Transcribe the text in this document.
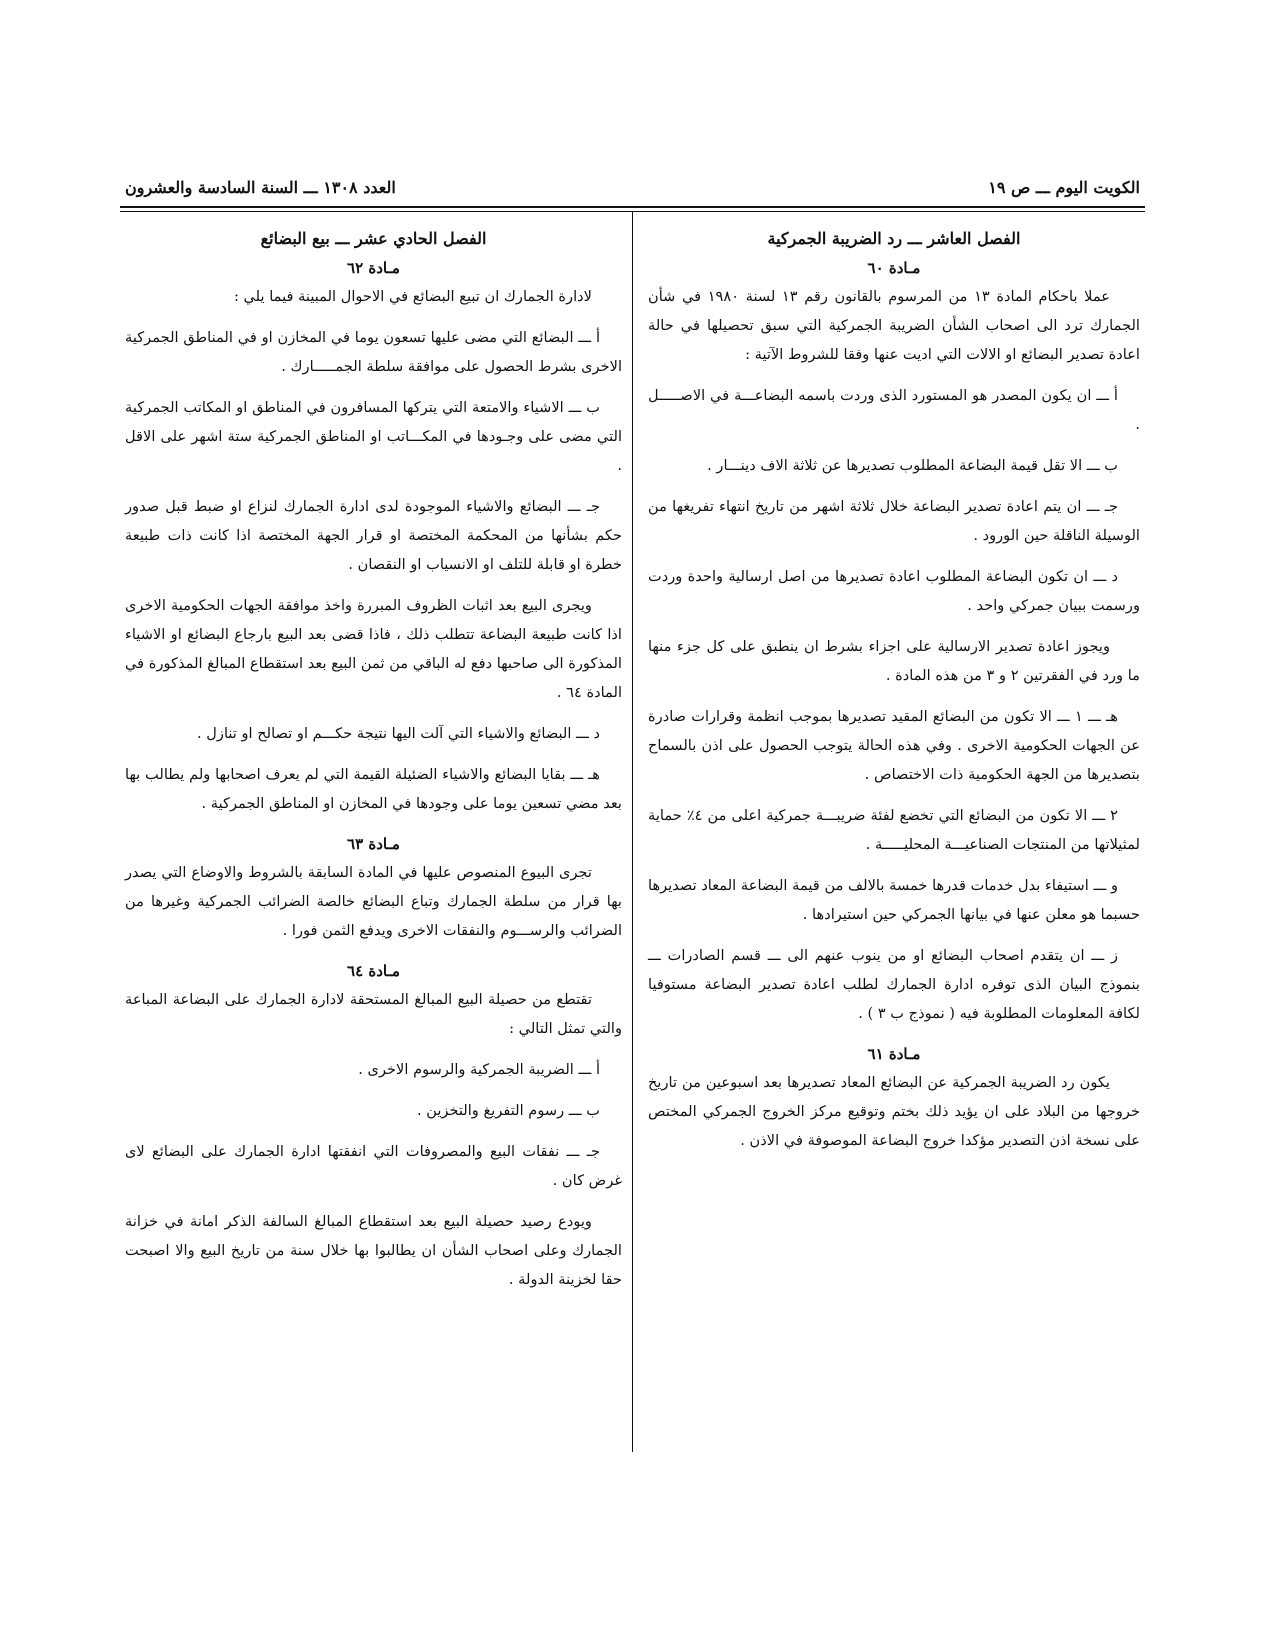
الكويت اليوم ـــ ص ١٩
العدد ١٣٠٨ ـــ السنة السادسة والعشرون
الفصل العاشر ـــ رد الضريبة الجمركية
مـادة ٦٠

عملا باحكام المادة ١٣ من المرسوم بالقانون رقم ١٣ لسنة ١٩٨٠ في شأن الجمارك ترد الى اصحاب الشأن الضريبة الجمركية التي سبق تحصيلها في حالة اعادة تصدير البضائع او الالات التي اديت عنها وفقا للشروط الآتية :

أ ـــ ان يكون المصدر هو المستورد الذى وردت باسمه البضاعـــة في الاصـــــل .

ب ـــ الا تقل قيمة البضاعة المطلوب تصديرها عن ثلاثة الاف دينـــار .

جـ ـــ ان يتم اعادة تصدير البضاعة خلال ثلاثة اشهر من تاريخ انتهاء تفريغها من الوسيلة الناقلة حين الورود .

د ـــ ان تكون البضاعة المطلوب اعادة تصديرها من اصل ارسالية واحدة وردت ورسمت ببيان جمركي واحد .

ويجوز اعادة تصدير الارسالية على اجزاء بشرط ان ينطبق على كل جزء منها ما ورد في الفقرتين ٢ و ٣ من هذه المادة .

هـ ـــ ١ ـــ الا تكون من البضائع المقيد تصديرها بموجب انظمة وقرارات صادرة عن الجهات الحكومية الاخرى . وفي هذه الحالة يتوجب الحصول على اذن بالسماح بتصديرها من الجهة الحكومية ذات الاختصاص .

٢ ـــ الا تكون من البضائع التي تخضع لفئة ضريبـــة جمركية اعلى من ٤٪ حماية لمثيلاتها من المنتجات الصناعيـــة المحليـــــة .

و ـــ استيفاء بدل خدمات قدرها خمسة بالالف من قيمة البضاعة المعاد تصديرها حسبما هو معلن عنها في بيانها الجمركي حين استيرادها .

ز ـــ ان يتقدم اصحاب البضائع او من ينوب عنهم الى ـــ قسم الصادرات ـــ بنموذج البيان الذى توفره ادارة الجمارك لطلب اعادة تصدير البضاعة مستوفيا لكافة المعلومات المطلوبة فيه ( نموذج ب ٣ ) .

مـادة ٦١

يكون رد الضريبة الجمركية عن البضائع المعاد تصديرها بعد اسبوعين من تاريخ خروجها من البلاد على ان يؤيد ذلك بختم وتوقيع مركز الخروج الجمركي المختص على نسخة اذن التصدير مؤكدا خروج البضاعة الموصوفة في الاذن .

الفصل الحادي عشر ـــ بيع البضائع
مـادة ٦٢

لادارة الجمارك ان تبيع البضائع في الاحوال المبينة فيما يلي :

أ ـــ البضائع التي مضى عليها تسعون يوما في المخازن او في المناطق الجمركية الاخرى بشرط الحصول على موافقة سلطة الجمـــــارك .

ب ـــ الاشياء والامتعة التي يتركها المسافرون في المناطق او المكاتب الجمركية التي مضى على وجـودها في المكـــاتب او المناطق الجمركية ستة اشهر على الاقل .

جـ ـــ البضائع والاشياء الموجودة لدى ادارة الجمارك لنزاع او ضبط قبل صدور حكم بشأنها من المحكمة المختصة او قرار الجهة المختصة اذا كانت ذات طبيعة خطرة او قابلة للتلف او الانسياب او النقصان .

ويجرى البيع بعد اثبات الظروف المبررة واخذ موافقة الجهات الحكومية الاخرى اذا كانت طبيعة البضاعة تتطلب ذلك ، فاذا قضى بعد البيع بارجاع البضائع او الاشياء المذكورة الى صاحبها دفع له الباقي من ثمن البيع بعد استقطاع المبالغ المذكورة في المادة ٦٤ .

د ـــ البضائع والاشياء التي آلت اليها نتيجة حكـــم او تصالح او تنازل .

هـ ـــ بقايا البضائع والاشياء الضئيلة القيمة التي لم يعرف اصحابها ولم يطالب بها بعد مضي تسعين يوما على وجودها في المخازن او المناطق الجمركية .

مـادة ٦٣

تجرى البيوع المنصوص عليها في المادة السابقة بالشروط والاوضاع التي يصدر بها قرار من سلطة الجمارك وتباع البضائع خالصة الضرائب الجمركية وغيرها من الضرائب والرســـوم والنفقات الاخرى ويدفع الثمن فورا .

مـادة ٦٤

تقتطع من حصيلة البيع المبالغ المستحقة لادارة الجمارك على البضاعة المباعة والتي تمثل التالي :

أ ـــ الضريبة الجمركية والرسوم الاخرى .

ب ـــ رسوم التفريغ والتخزين .

جـ ـــ نفقات البيع والمصروفات التي انفقتها ادارة الجمارك على البضائع لاى غرض كان .

ويودع رصيد حصيلة البيع بعد استقطاع المبالغ السالفة الذكر امانة في خزانة الجمارك وعلى اصحاب الشأن ان يطالبوا بها خلال سنة من تاريخ البيع والا اصبحت حقا لخزينة الدولة .
